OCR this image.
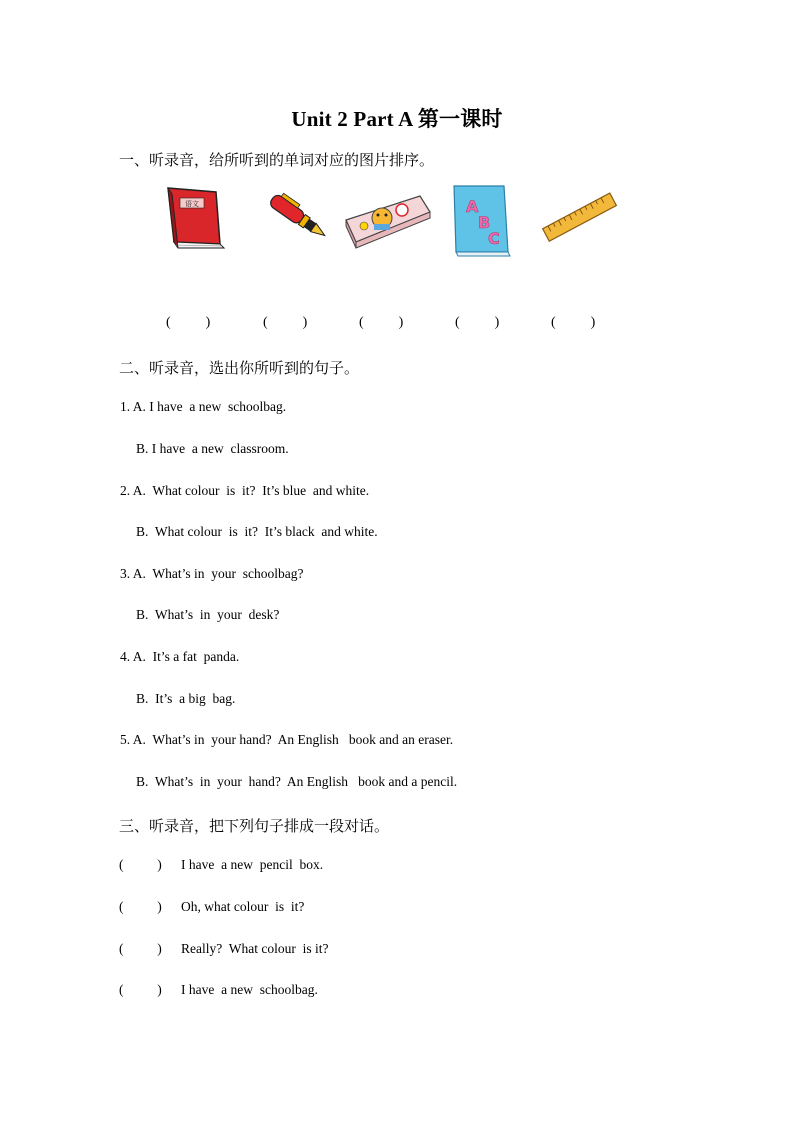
Unit 2 Part A 第一课时
一、听录音，给所听到的单词对应的图片排序。
语文	A
B
C
(          )	(          )	(          )	(          )	(          )
二、听录音，选出你所听到的句子。
1. A. I have  a new  schoolbag.
B. I have  a new  classroom.
2. A.  What colour  is  it?  It’s blue  and white.
B.  What colour  is  it?  It’s black  and white.
3. A.  What’s in  your  schoolbag?
B.  What’s  in  your  desk?
4. A.  It’s a fat  panda.
B.  It’s  a big  bag.
5. A.  What’s in  your hand?  An English   book and an eraser.
B.  What’s  in  your  hand?  An English   book and a pencil.
三、听录音，把下列句子排成一段对话。
(          ) I have  a new  pencil  box.
(          ) Oh, what colour  is  it?
(          ) Really?  What colour  is it?
(          ) I have  a new  schoolbag.
